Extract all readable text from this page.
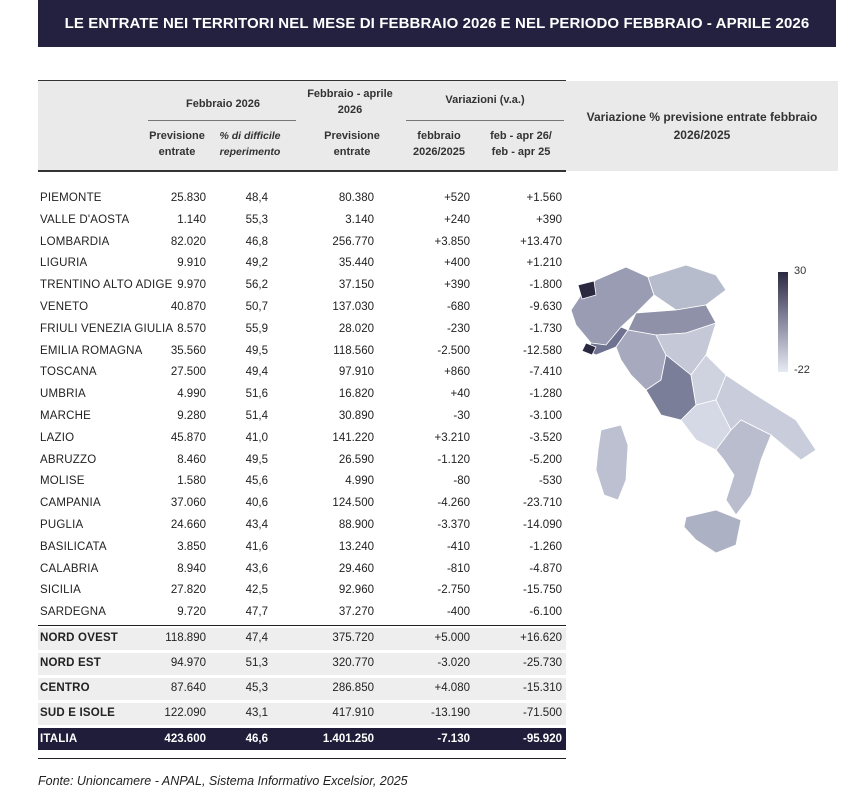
LE ENTRATE NEI TERRITORI NEL MESE DI FEBBRAIO 2026 E NEL PERIODO FEBBRAIO - APRILE 2026
Variazione % previsione entrate febbraio 2026/2025
Febbraio 2026
Febbraio - aprile 2026
Variazioni (v.a.)
Previsione entrate
% di difficile reperimento
Previsione entrate
febbraio 2026/2025
feb - apr 26/ feb - apr 25
PIEMONTE	25.830	48,4	80.380	+520	+1.560
VALLE D'AOSTA	1.140	55,3	3.140	+240	+390
LOMBARDIA	82.020	46,8	256.770	+3.850	+13.470
LIGURIA	9.910	49,2	35.440	+400	+1.210
TRENTINO ALTO ADIGE 9.970	56,2	37.150	+390	-1.800
VENETO	40.870	50,7	137.030	-680	-9.630
FRIULI VENEZIA GIULIA 8.570	55,9	28.020	-230	-1.730
EMILIA ROMAGNA	35.560	49,5	118.560	-2.500	-12.580
TOSCANA	27.500	49,4	97.910	+860	-7.410
UMBRIA	4.990	51,6	16.820	+40	-1.280
MARCHE	9.280	51,4	30.890	-30	-3.100
LAZIO	45.870	41,0	141.220	+3.210	-3.520
ABRUZZO	8.460	49,5	26.590	-1.120	-5.200
MOLISE	1.580	45,6	4.990	-80	-530
CAMPANIA	37.060	40,6	124.500	-4.260	-23.710
PUGLIA	24.660	43,4	88.900	-3.370	-14.090
BASILICATA	3.850	41,6	13.240	-410	-1.260
CALABRIA	8.940	43,6	29.460	-810	-4.870
SICILIA	27.820	42,5	92.960	-2.750	-15.750
SARDEGNA	9.720	47,7	37.270	-400	-6.100
NORD OVEST	118.890	47,4	375.720	+5.000	+16.620
NORD EST	94.970	51,3	320.770	-3.020	-25.730
CENTRO	87.640	45,3	286.850	+4.080	-15.310
SUD E ISOLE	122.090	43,1	417.910	-13.190	-71.500
ITALIA	423.600	46,6	1.401.250	-7.130	-95.920
30
-22
Fonte: Unioncamere - ANPAL, Sistema Informativo Excelsior, 2025
